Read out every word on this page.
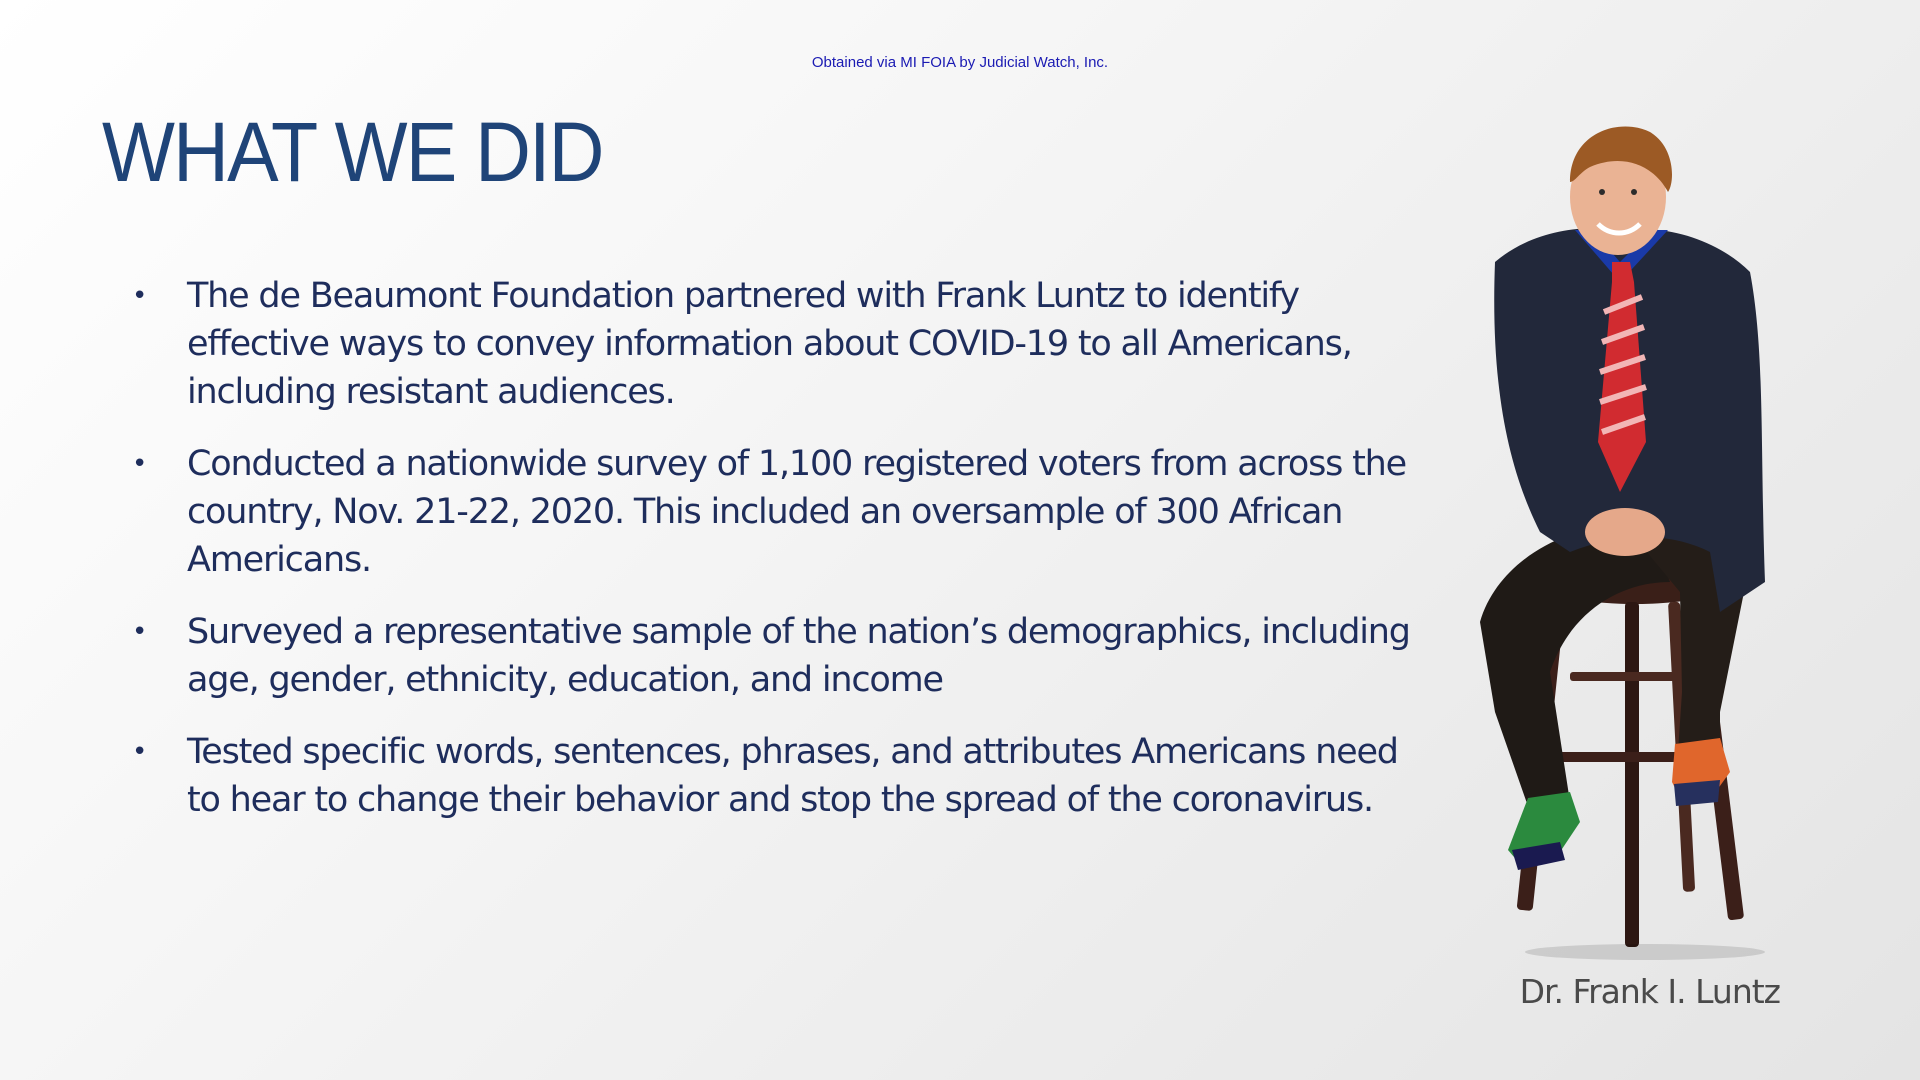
Obtained via MI FOIA by Judicial Watch, Inc.
WHAT WE DID
• The de Beaumont Foundation partnered with Frank Luntz to identify effective ways to convey information about COVID-19 to all Americans, including resistant audiences.
• Conducted a nationwide survey of 1,100 registered voters from across the country, Nov. 21-22, 2020. This included an oversample of 300 African Americans.
• Surveyed a representative sample of the nation’s demographics, including age, gender, ethnicity, education, and income
• Tested specific words, sentences, phrases, and attributes Americans need to hear to change their behavior and stop the spread of the coronavirus.
Dr. Frank I. Luntz
